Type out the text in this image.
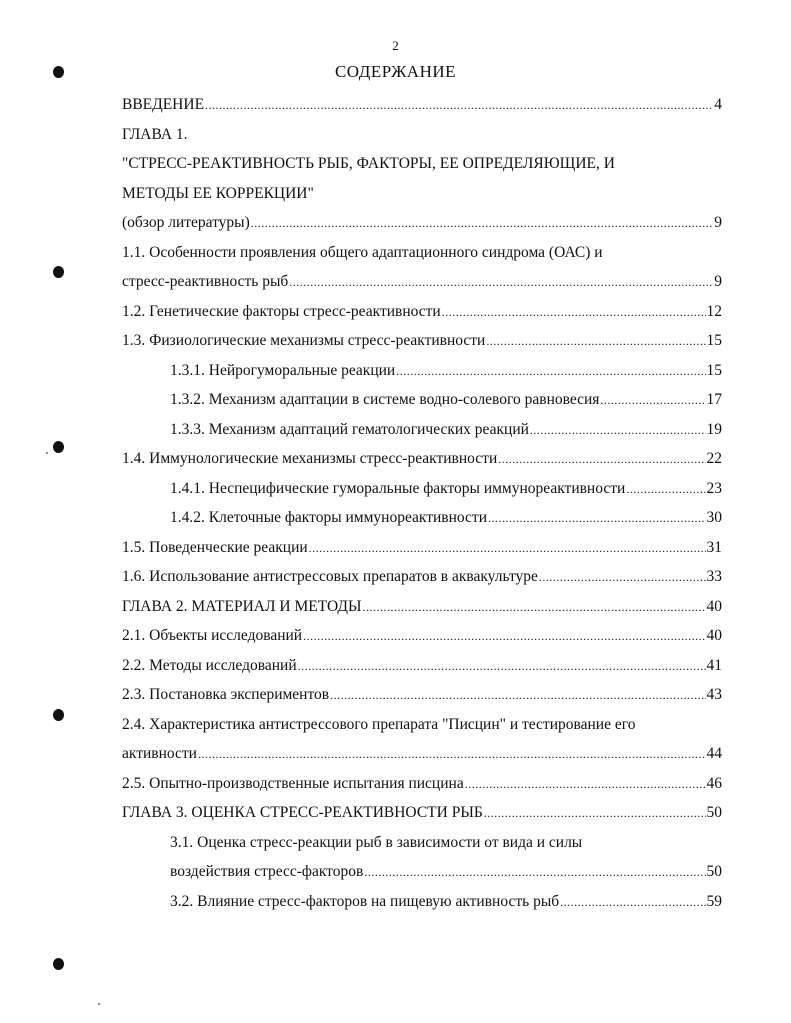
2
СОДЕРЖАНИЕ
ВВЕДЕНИЕ .....	4
ГЛАВА 1.
"СТРЕСС-РЕАКТИВНОСТЬ РЫБ, ФАКТОРЫ, ЕЕ ОПРЕДЕЛЯЮЩИЕ, И
МЕТОДЫ ЕЕ КОРРЕКЦИИ"
(обзор литературы) .....	9
1.1. Особенности проявления общего адаптационного синдрома (ОАС) и
стресс-реактивность рыб .....	9
1.2. Генетические факторы стресс-реактивности .....	12
1.3. Физиологические механизмы стресс-реактивности .....	15
1.3.1. Нейрогуморальные реакции .....	15
1.3.2. Механизм адаптации в системе водно-солевого равновесия .....	17
1.3.3. Механизм адаптаций гематологических реакций .....	19
1.4. Иммунологические механизмы стресс-реактивности .....	22
1.4.1. Неспецифические гуморальные факторы иммунореактивности .....	23
1.4.2. Клеточные факторы иммунореактивности .....	30
1.5. Поведенческие реакции .....	31
1.6. Использование антистрессовых препаратов в аквакультуре .....	33
ГЛАВА 2. МАТЕРИАЛ И МЕТОДЫ .....	40
2.1. Объекты исследований .....	40
2.2. Методы исследований .....	41
2.3. Постановка экспериментов .....	43
2.4. Характеристика антистрессового препарата "Писцин" и тестирование его
активности .....	44
2.5. Опытно-производственные испытания писцина .....	46
ГЛАВА 3. ОЦЕНКА СТРЕСС-РЕАКТИВНОСТИ РЫБ .....	50
3.1. Оценка стресс-реакции рыб в зависимости от вида и силы
воздействия стресс-факторов .....	50
3.2. Влияние стресс-факторов на пищевую активность рыб .....	59
